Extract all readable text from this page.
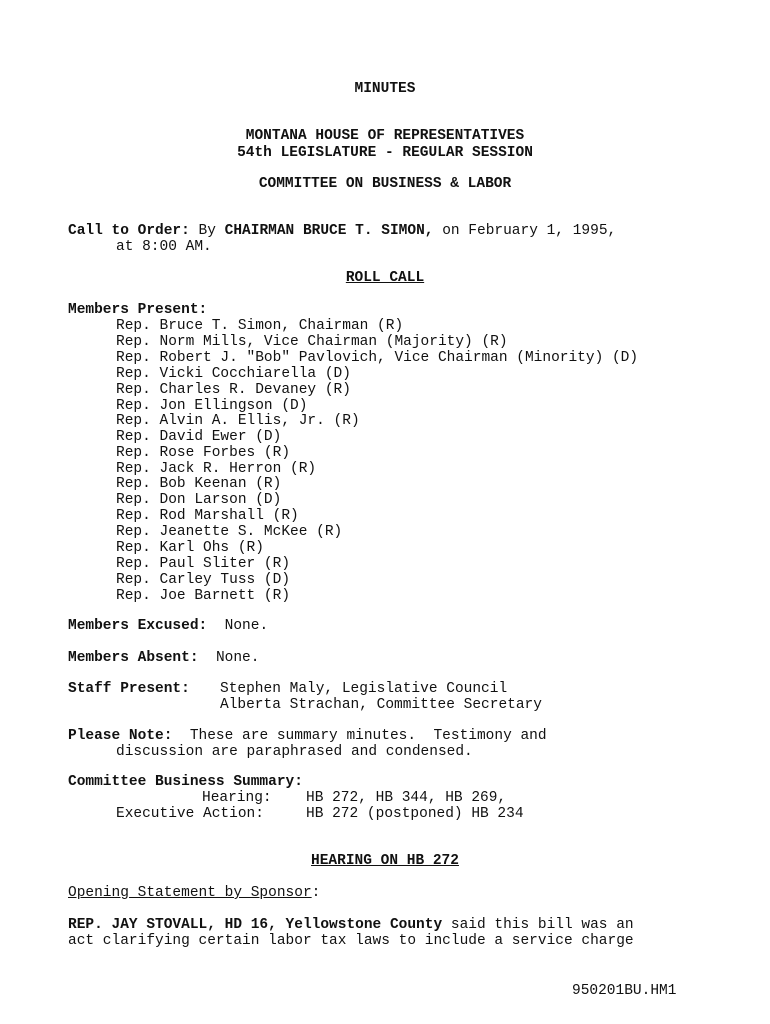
MINUTES
MONTANA HOUSE OF REPRESENTATIVES
54th LEGISLATURE - REGULAR SESSION
COMMITTEE ON BUSINESS & LABOR
Call to Order: By CHAIRMAN BRUCE T. SIMON, on February 1, 1995,
at 8:00 AM.
ROLL CALL
Members Present:
Rep. Bruce T. Simon, Chairman (R)
Rep. Norm Mills, Vice Chairman (Majority) (R)
Rep. Robert J. "Bob" Pavlovich, Vice Chairman (Minority) (D)
Rep. Vicki Cocchiarella (D)
Rep. Charles R. Devaney (R)
Rep. Jon Ellingson (D)
Rep. Alvin A. Ellis, Jr. (R)
Rep. David Ewer (D)
Rep. Rose Forbes (R)
Rep. Jack R. Herron (R)
Rep. Bob Keenan (R)
Rep. Don Larson (D)
Rep. Rod Marshall (R)
Rep. Jeanette S. McKee (R)
Rep. Karl Ohs (R)
Rep. Paul Sliter (R)
Rep. Carley Tuss (D)
Rep. Joe Barnett (R)
Members Excused: None.
Members Absent: None.
Staff Present: Stephen Maly, Legislative Council
Alberta Strachan, Committee Secretary
Please Note: These are summary minutes.  Testimony and
discussion are paraphrased and condensed.
Committee Business Summary:
Hearing: HB 272, HB 344, HB 269,
Executive Action:	HB 272 (postponed) HB 234
HEARING ON HB 272
Opening Statement by Sponsor:
REP. JAY STOVALL, HD 16, Yellowstone County said this bill was an
act clarifying certain labor tax laws to include a service charge
950201BU.HM1
